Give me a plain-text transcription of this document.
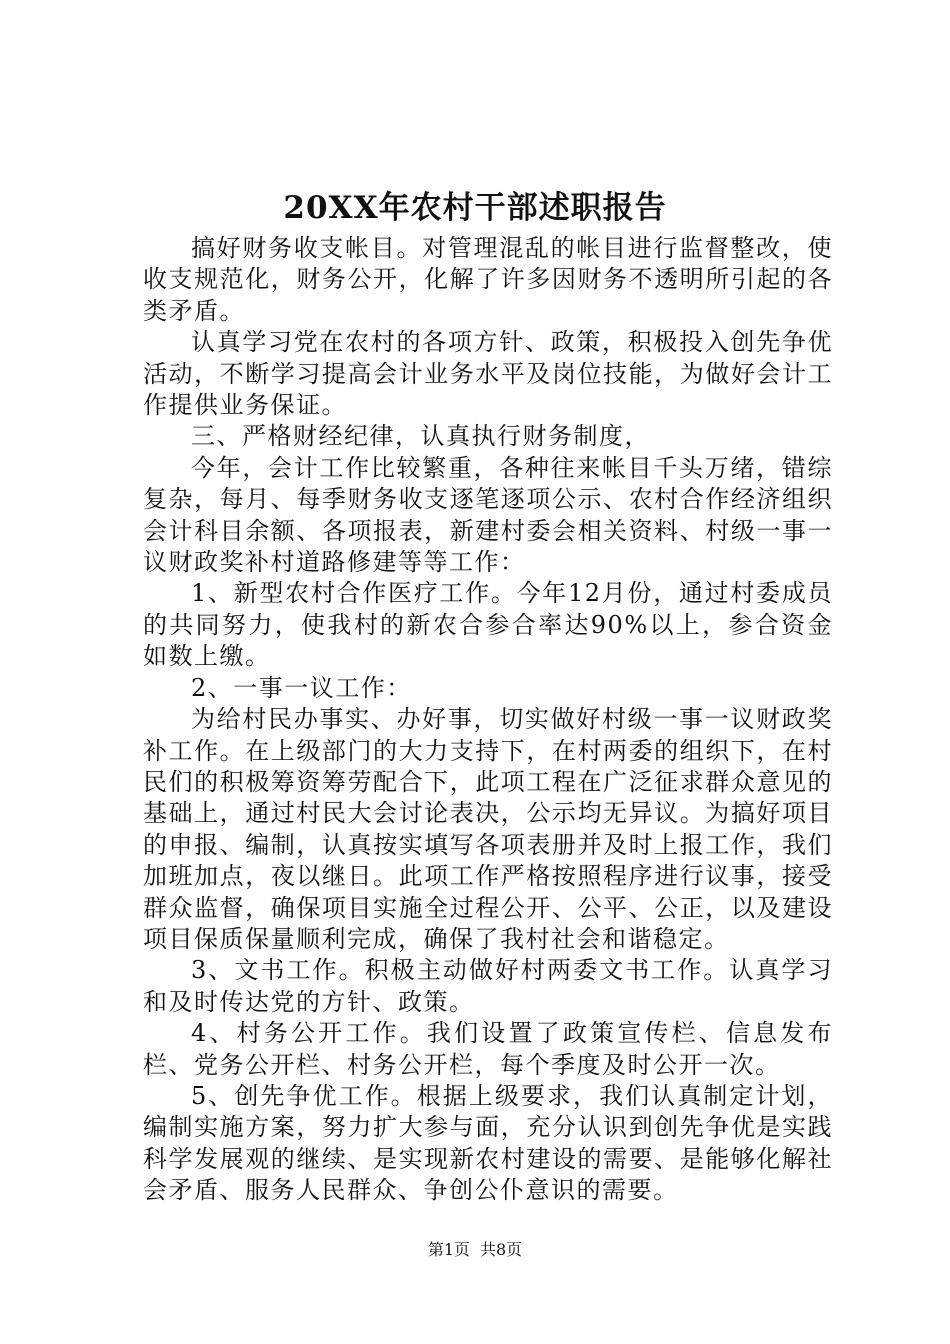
20XX年农村干部述职报告

搞好财务收支帐目。对管理混乱的帐目进行监督整改，使收支规范化，财务公开，化解了许多因财务不透明所引起的各类矛盾。

认真学习党在农村的各项方针、政策，积极投入创先争优活动，不断学习提高会计业务水平及岗位技能，为做好会计工作提供业务保证。

三、严格财经纪律，认真执行财务制度，

今年，会计工作比较繁重，各种往来帐目千头万绪，错综复杂，每月、每季财务收支逐笔逐项公示、农村合作经济组织会计科目余额、各项报表，新建村委会相关资料、村级一事一议财政奖补村道路修建等等工作：

1、新型农村合作医疗工作。今年12月份，通过村委成员的共同努力，使我村的新农合参合率达90%以上，参合资金如数上缴。

2、一事一议工作：

为给村民办事实、办好事，切实做好村级一事一议财政奖补工作。在上级部门的大力支持下，在村两委的组织下，在村民们的积极筹资筹劳配合下，此项工程在广泛征求群众意见的基础上，通过村民大会讨论表决，公示均无异议。为搞好项目的申报、编制，认真按实填写各项表册并及时上报工作，我们加班加点，夜以继日。此项工作严格按照程序进行议事，接受群众监督，确保项目实施全过程公开、公平、公正，以及建设项目保质保量顺利完成，确保了我村社会和谐稳定。

3、文书工作。积极主动做好村两委文书工作。认真学习和及时传达党的方针、政策。

4、村务公开工作。我们设置了政策宣传栏、信息发布栏、党务公开栏、村务公开栏，每个季度及时公开一次。

5、创先争优工作。根据上级要求，我们认真制定计划，编制实施方案，努力扩大参与面，充分认识到创先争优是实践科学发展观的继续、是实现新农村建设的需要、是能够化解社会矛盾、服务人民群众、争创公仆意识的需要。

第1页 共8页
